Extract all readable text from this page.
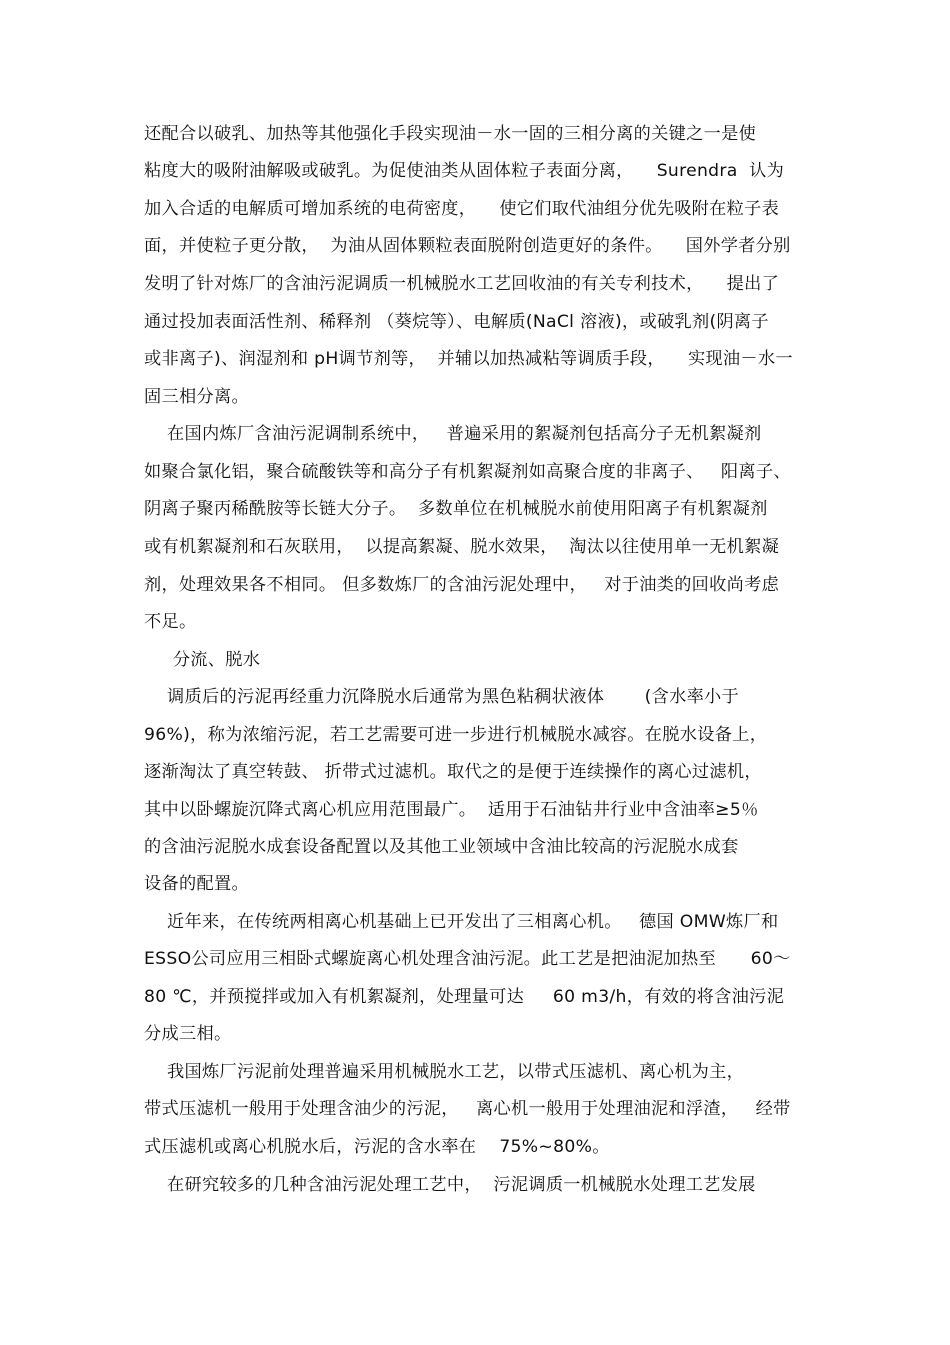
还配合以破乳、加热等其他强化手段实现油－水一固的三相分离的关键之一是使
粘度大的吸附油解吸或破乳。为促使油类从固体粒子表面分离，    Surendra  认为
加入合适的电解质可增加系统的电荷密度，    使它们取代油组分优先吸附在粒子表
面，并使粒子更分散，  为油从固体颗粒表面脱附创造更好的条件。    国外学者分别
发明了针对炼厂的含油污泥调质一机械脱水工艺回收油的有关专利技术，    提出了
通过投加表面活性剂、稀释剂 （葵烷等）、电解质(NaCl 溶液)，或破乳剂(阴离子
或非离子)、润湿剂和 pH调节剂等，  并辅以加热减粘等调质手段，    实现油－水一
固三相分离。
在国内炼厂含油污泥调制系统中，   普遍采用的絮凝剂包括高分子无机絮凝剂
如聚合氯化铝，聚合硫酸铁等和高分子有机絮凝剂如高聚合度的非离子、   阳离子、
阴离子聚丙稀酰胺等长链大分子。  多数单位在机械脱水前使用阳离子有机絮凝剂
或有机絮凝剂和石灰联用，  以提高絮凝、脱水效果，  淘汰以往使用单一无机絮凝
剂，处理效果各不相同。 但多数炼厂的含油污泥处理中，   对于油类的回收尚考虑
不足。
分流、脱水
调质后的污泥再经重力沉降脱水后通常为黑色粘稠状液体       (含水率小于
96%)，称为浓缩污泥，若工艺需要可进一步进行机械脱水减容。在脱水设备上，
逐渐淘汰了真空转鼓、 折带式过滤机。取代之的是便于连续操作的离心过滤机，
其中以卧螺旋沉降式离心机应用范围最广。  适用于石油钻井行业中含油率≥5％
的含油污泥脱水成套设备配置以及其他工业领域中含油比较高的污泥脱水成套
设备的配置。
近年来，在传统两相离心机基础上已开发出了三相离心机。   德国 OMW炼厂和
ESSO公司应用三相卧式螺旋离心机处理含油污泥。此工艺是把油泥加热至      60～
80 ℃，并预搅拌或加入有机絮凝剂，处理量可达     60 m3/h，有效的将含油污泥
分成三相。
我国炼厂污泥前处理普遍采用机械脱水工艺，以带式压滤机、离心机为主，
带式压滤机一般用于处理含油少的污泥，   离心机一般用于处理油泥和浮渣，   经带
式压滤机或离心机脱水后，污泥的含水率在    75%~80%。
在研究较多的几种含油污泥处理工艺中，  污泥调质一机械脱水处理工艺发展
